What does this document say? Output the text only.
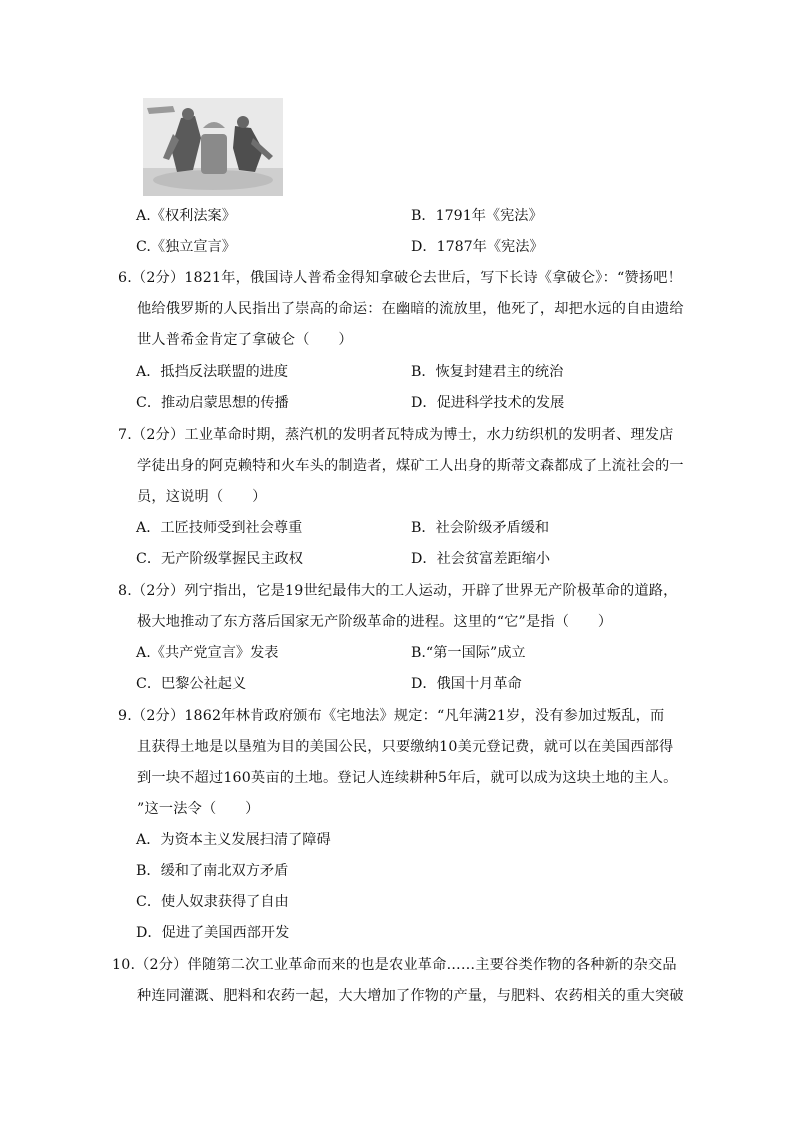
A.《权利法案》	B．1791年《宪法》
C.《独立宣言》	D．1787年《宪法》
6.（2分）1821年，俄国诗人普希金得知拿破仑去世后，写下长诗《拿破仑》：“赞扬吧！
他给俄罗斯的人民指出了崇高的命运：在幽暗的流放里，他死了，却把水远的自由遗给
世人普希金肯定了拿破仑（　　）
A．抵挡反法联盟的进度	B．恢复封建君主的统治
C．推动启蒙思想的传播	D．促进科学技术的发展
7.（2分）工业革命时期，蒸汽机的发明者瓦特成为博士，水力纺织机的发明者、理发店
学徒出身的阿克赖特和火车头的制造者，煤矿工人出身的斯蒂文森都成了上流社会的一
员，这说明（　　）
A．工匠技师受到社会尊重	B．社会阶级矛盾缓和
C．无产阶级掌握民主政权	D．社会贫富差距缩小
8.（2分）列宁指出，它是19世纪最伟大的工人运动，开辟了世界无产阶极革命的道路，
极大地推动了东方落后国家无产阶级革命的进程。这里的“它”是指（　　）
A.《共产党宣言》发表	B.“第一国际”成立
C．巴黎公社起义	D．俄国十月革命
9.（2分）1862年林肯政府颁布《宅地法》规定：“凡年满21岁，没有参加过叛乱，而
且获得土地是以垦殖为目的美国公民，只要缴纳10美元登记费，就可以在美国西部得
到一块不超过160英亩的土地。登记人连续耕种5年后，就可以成为这块土地的主人。
”这一法令（　　）
A．为资本主义发展扫清了障碍
B．缓和了南北双方矛盾
C．使人奴隶获得了自由
D．促进了美国西部开发
10.（2分）伴随第二次工业革命而来的也是农业革命……主要谷类作物的各种新的杂交品
种连同灌溉、肥料和农药一起，大大增加了作物的产量，与肥料、农药相关的重大突破
